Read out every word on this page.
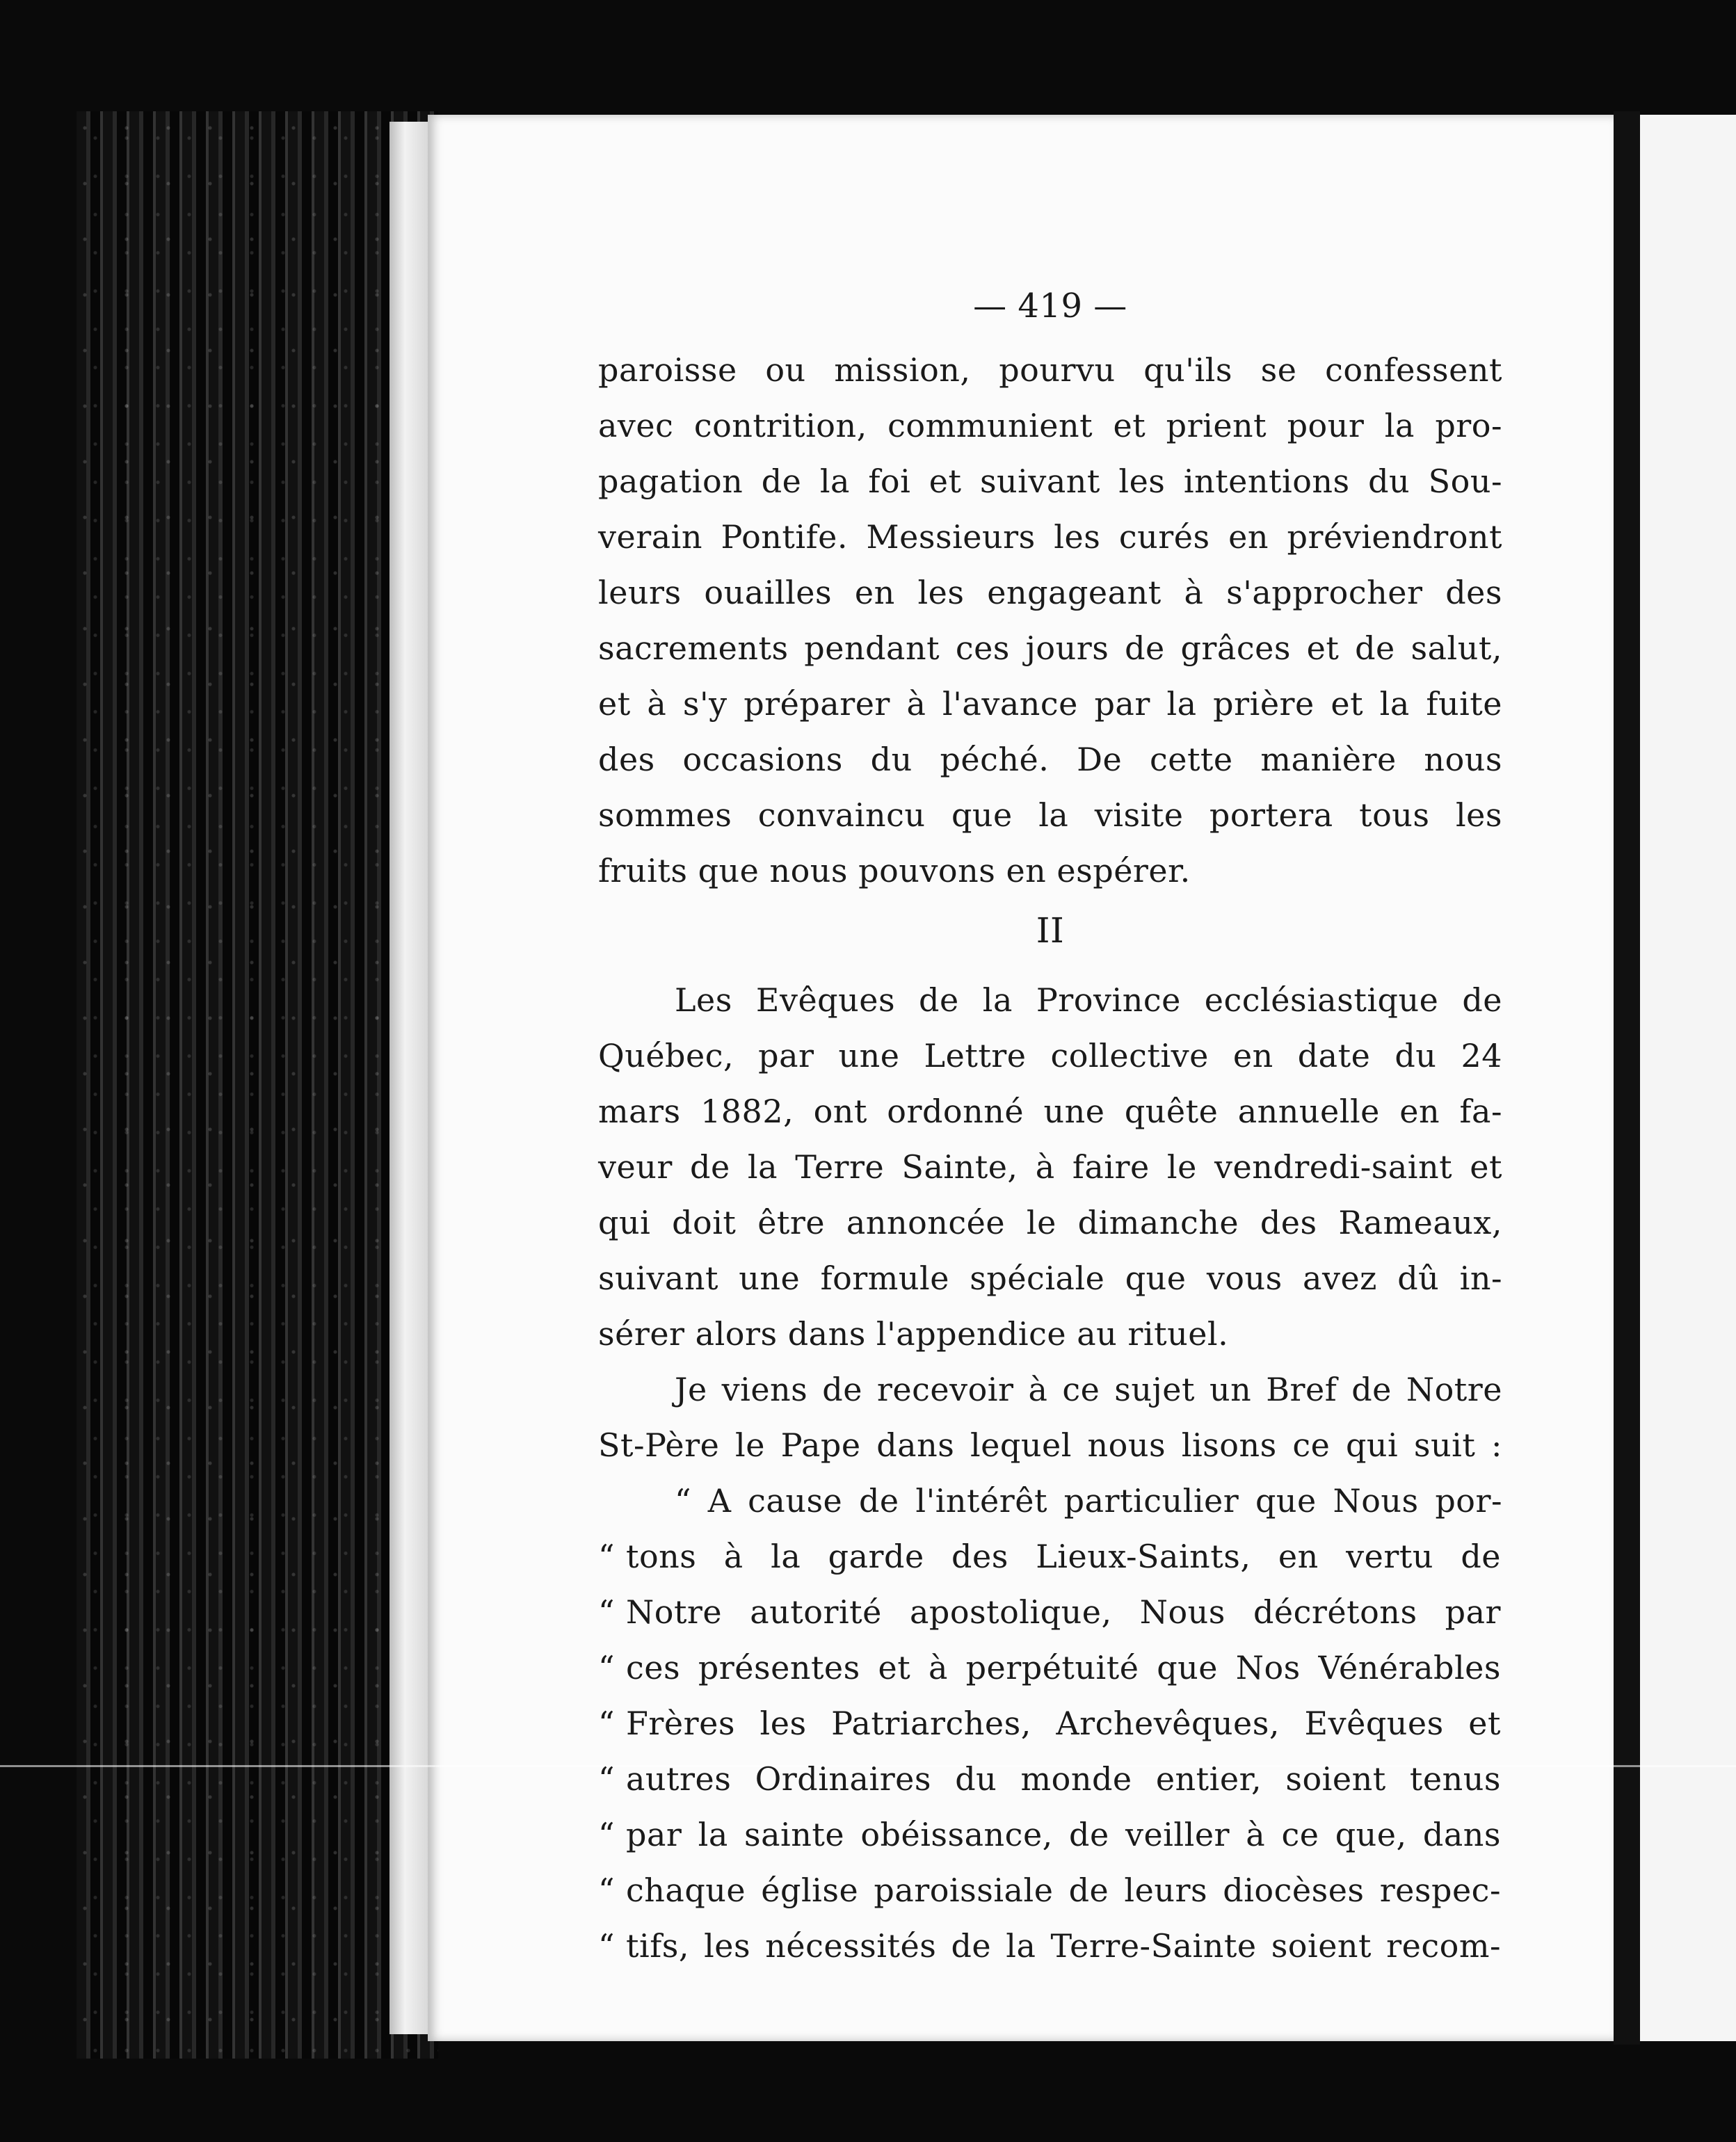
— 419 —
paroisse ou mission, pourvu qu'ils se confessent
avec contrition, communient et prient pour la pro-
pagation de la foi et suivant les intentions du Sou-
verain Pontife. Messieurs les curés en préviendront
leurs ouailles en les engageant à s'approcher des
sacrements pendant ces jours de grâces et de salut,
et à s'y préparer à l'avance par la prière et la fuite
des occasions du péché. De cette manière nous
sommes convaincu que la visite portera tous les
fruits que nous pouvons en espérer.
II
Les Evêques de la Province ecclésiastique de
Québec, par une Lettre collective en date du 24
mars 1882, ont ordonné une quête annuelle en fa-
veur de la Terre Sainte, à faire le vendredi-saint et
qui doit être annoncée le dimanche des Rameaux,
suivant une formule spéciale que vous avez dû in-
sérer alors dans l'appendice au rituel.
Je viens de recevoir à ce sujet un Bref de Notre
St-Père le Pape dans lequel nous lisons ce qui suit :
“ A cause de l'intérêt particulier que Nous por-
“ tons à la garde des Lieux-Saints, en vertu de
“ Notre autorité apostolique, Nous décrétons par
“ ces présentes et à perpétuité que Nos Vénérables
“ Frères les Patriarches, Archevêques, Evêques et
“ autres Ordinaires du monde entier, soient tenus
“ par la sainte obéissance, de veiller à ce que, dans
“ chaque église paroissiale de leurs diocèses respec-
“ tifs, les nécessités de la Terre-Sainte soient recom-
